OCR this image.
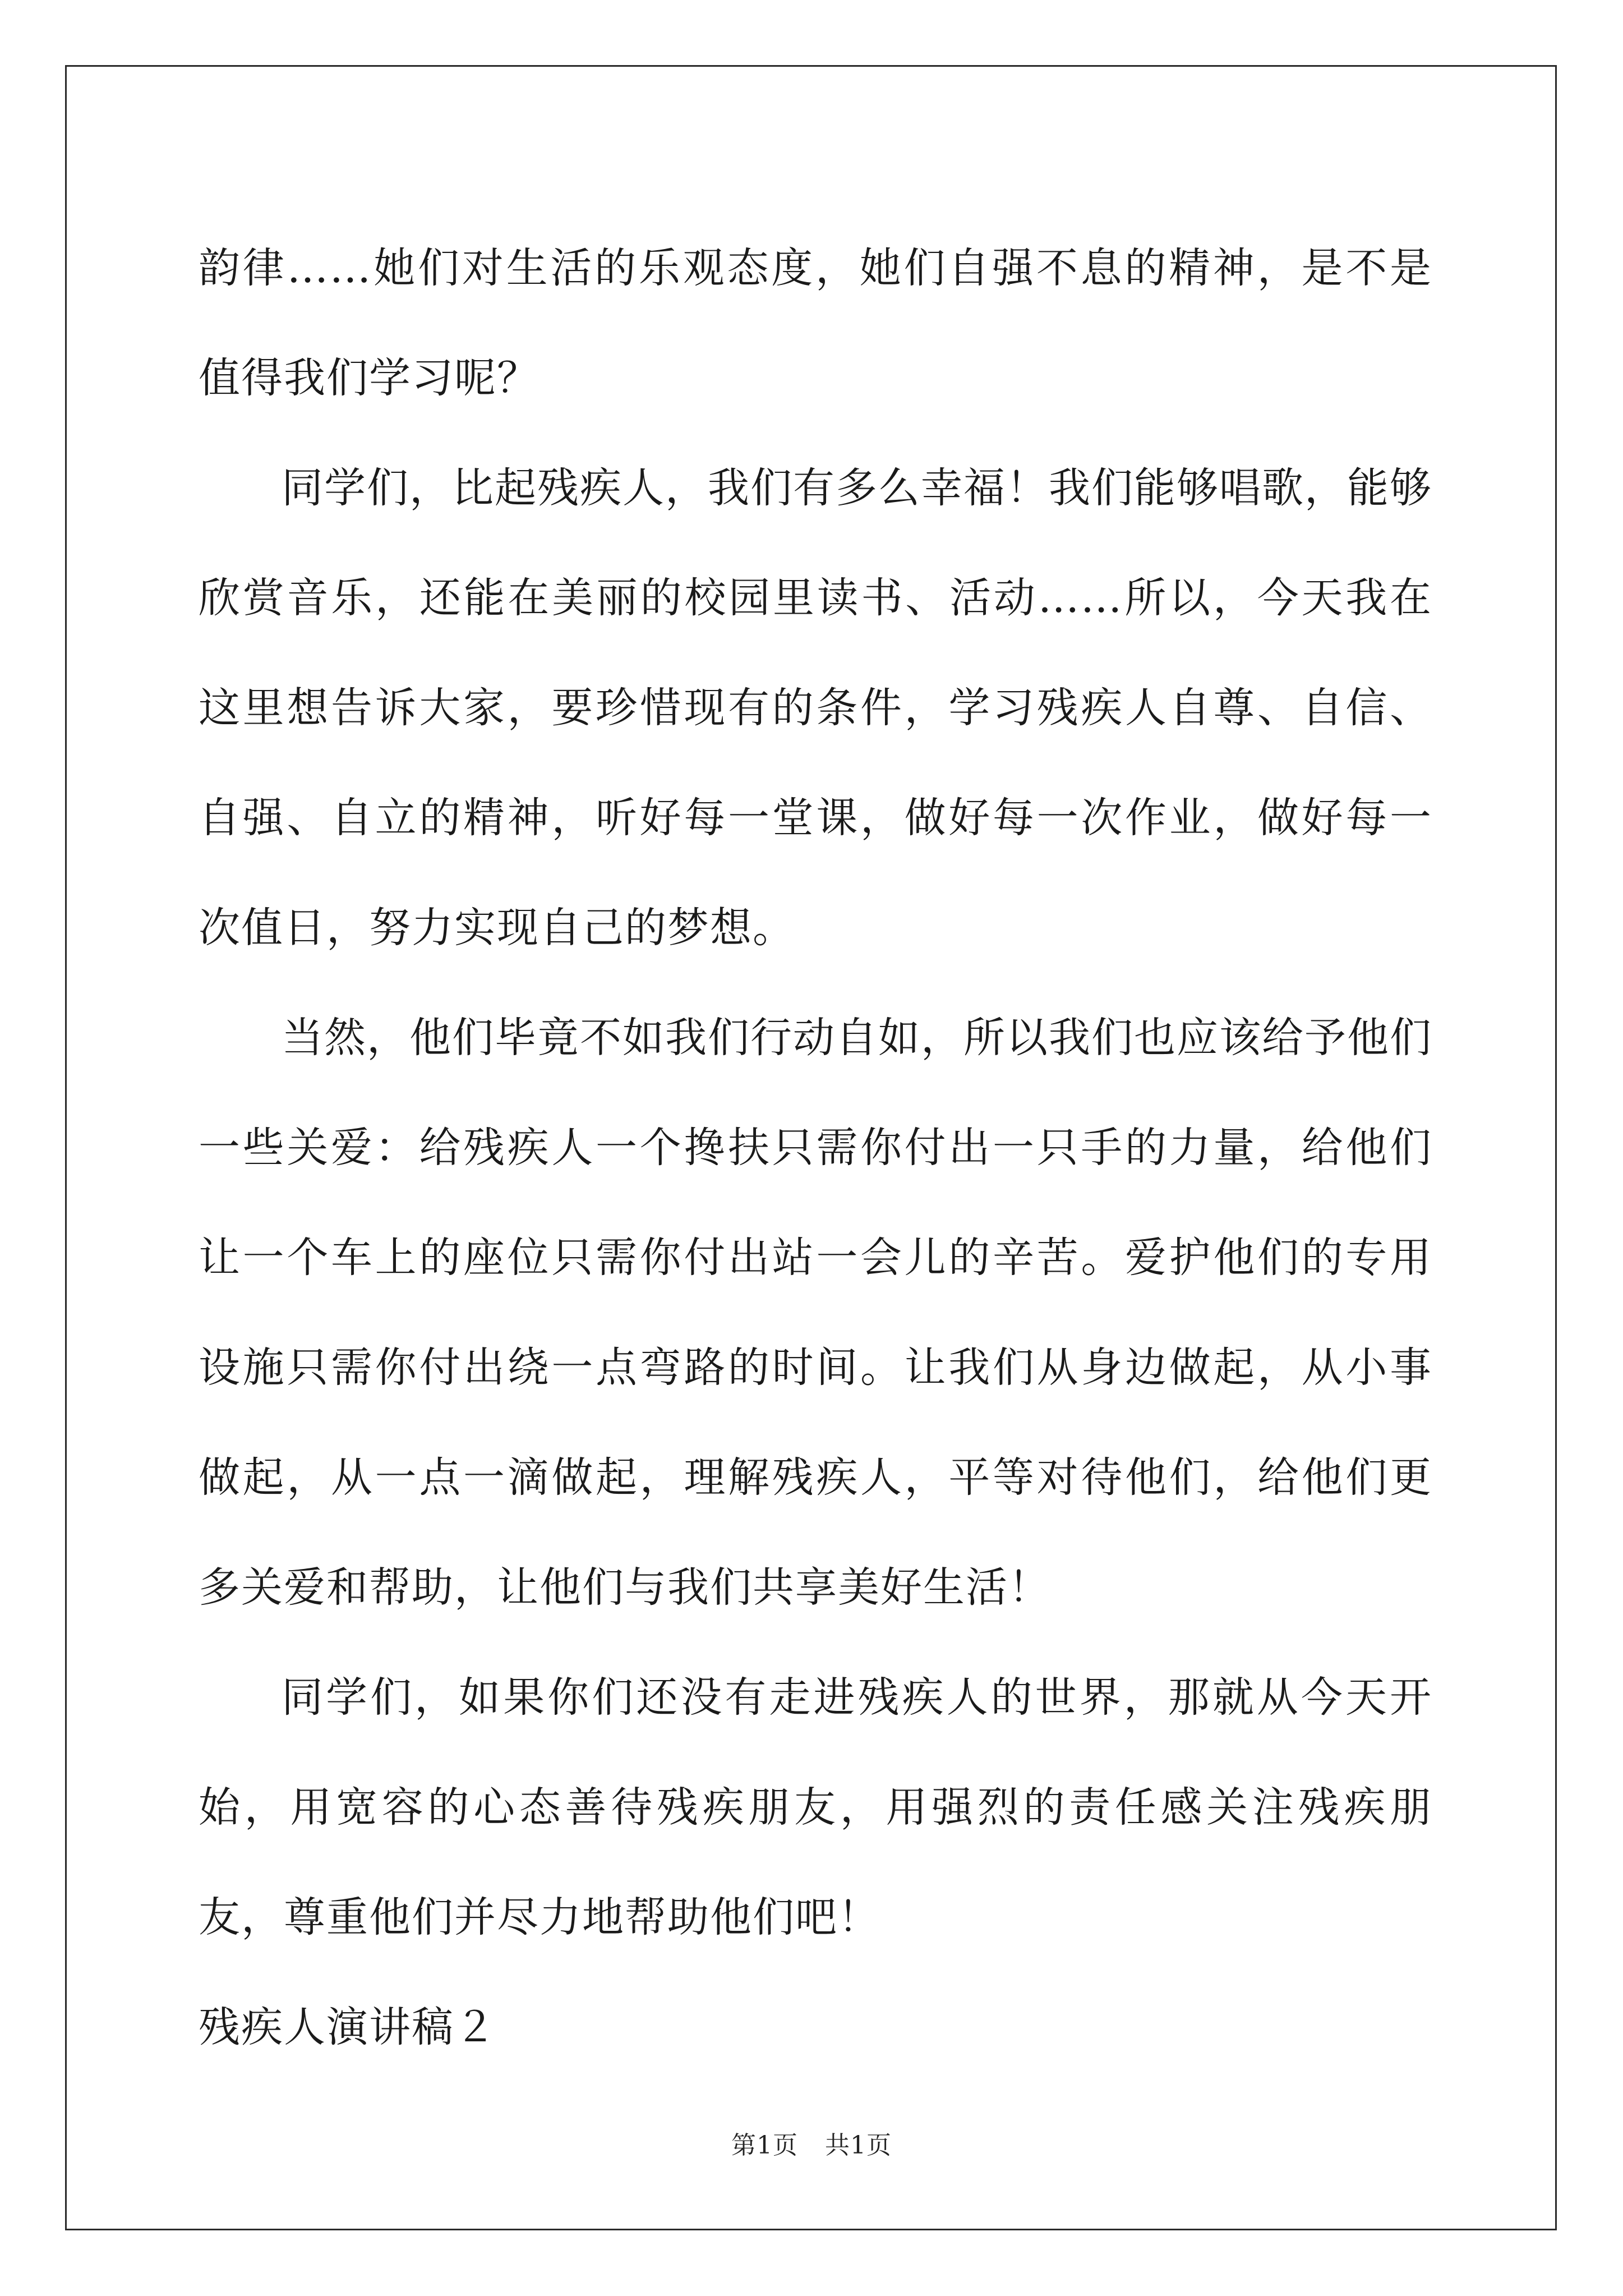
韵律……她们对生活的乐观态度，她们自强不息的精神，是不是值得我们学习呢？

同学们，比起残疾人，我们有多么幸福！我们能够唱歌，能够欣赏音乐，还能在美丽的校园里读书、活动……所以，今天我在这里想告诉大家，要珍惜现有的条件，学习残疾人自尊、自信、自强、自立的精神，听好每一堂课，做好每一次作业，做好每一次值日，努力实现自己的梦想。

当然，他们毕竟不如我们行动自如，所以我们也应该给予他们一些关爱：给残疾人一个搀扶只需你付出一只手的力量，给他们让一个车上的座位只需你付出站一会儿的辛苦。爱护他们的专用设施只需你付出绕一点弯路的时间。让我们从身边做起，从小事做起，从一点一滴做起，理解残疾人，平等对待他们，给他们更多关爱和帮助，让他们与我们共享美好生活！

同学们，如果你们还没有走进残疾人的世界，那就从今天开始，用宽容的心态善待残疾朋友，用强烈的责任感关注残疾朋友，尊重他们并尽力地帮助他们吧！

残疾人演讲稿２

第1页 共1页
